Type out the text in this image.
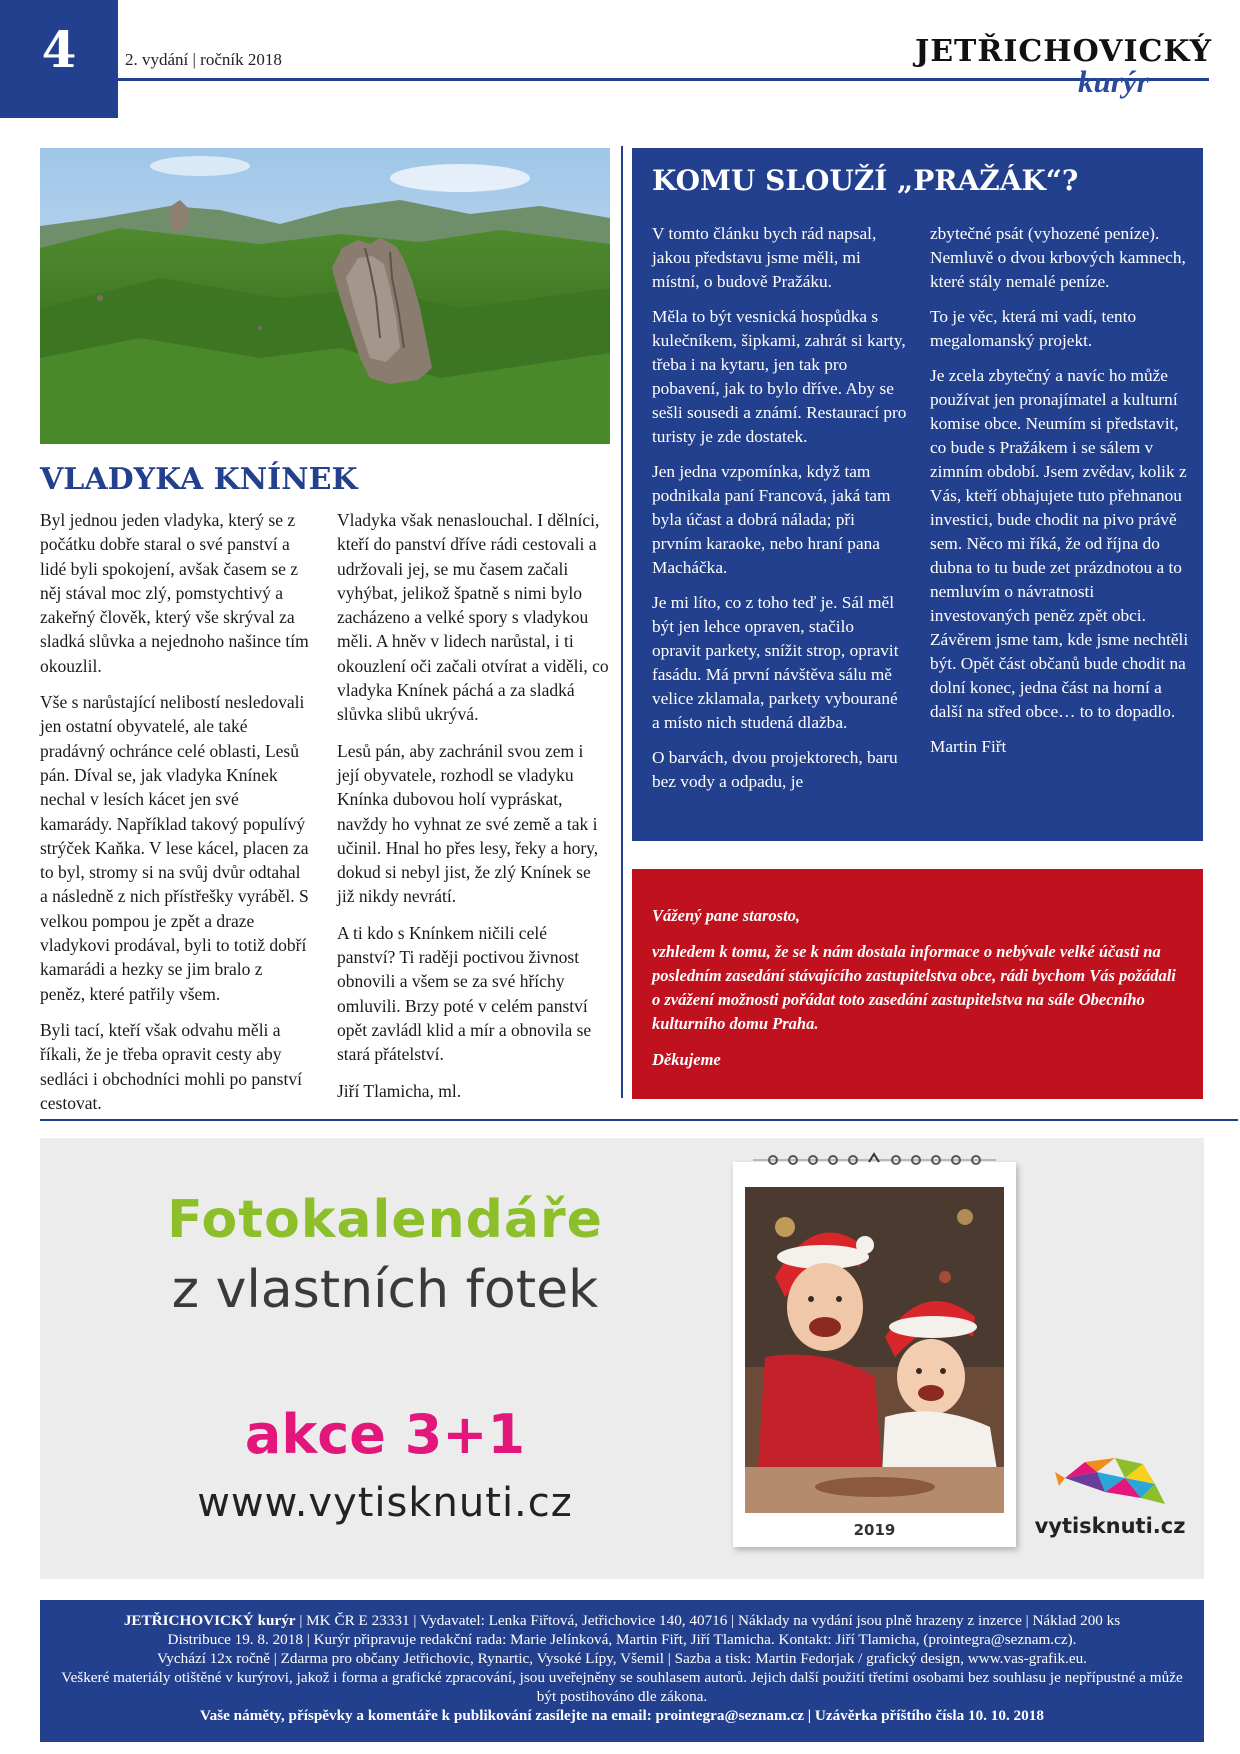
4	2. vydání | ročník 2018	JETŘICHOVICKÝ
kurýr
VLADYKA KNÍNEK

Byl jednou jeden vladyka, který se z počátku dobře staral o své panství a lidé byli spokojení, avšak časem se z něj stával moc zlý, pomstychtivý a zakeřný člověk, který vše skrýval za sladká slůvka a nejednoho našince tím okouzlil.

Vše s narůstající nelibostí nesledovali jen ostatní obyvatelé, ale také pradávný ochránce celé oblasti, Lesů pán. Díval se, jak vladyka Knínek nechal v lesích kácet jen své kamarády. Například takový populívý strýček Kaňka. V lese kácel, placen za to byl, stromy si na svůj dvůr odtahal a následně z nich přístřešky vyráběl. S velkou pompou je zpět a draze vladykovi prodával, byli to totiž dobří kamarádi a hezky se jim bralo z peněz, které patřily všem.

Byli tací, kteří však odvahu měli a říkali, že je třeba opravit cesty aby sedláci i obchodníci mohli po panství cestovat.

Vladyka však nenaslouchal. I dělníci, kteří do panství dříve rádi cestovali a udržovali jej, se mu časem začali vyhýbat, jelikož špatně s nimi bylo zacházeno a velké spory s vladykou měli. A hněv v lidech narůstal, i ti okouzlení oči začali otvírat a viděli, co vladyka Knínek páchá a za sladká slůvka slibů ukrývá.

Lesů pán, aby zachránil svou zem i její obyvatele, rozhodl se vladyku Knínka dubovou holí vypráskat, navždy ho vyhnat ze své země a tak i učinil. Hnal ho přes lesy, řeky a hory, dokud si nebyl jist, že zlý Knínek se již nikdy nevrátí.

A ti kdo s Knínkem ničili celé panství? Ti raději poctivou živnost obnovili a všem se za své hříchy omluvili. Brzy poté v celém panství opět zavládl klid a mír a obnovila se stará přátelství.

Jiří Tlamicha, ml.

KOMU SLOUŽÍ „PRAŽÁK“?

V tomto článku bych rád napsal, jakou představu jsme měli, mi místní, o budově Pražáku.

Měla to být vesnická hospůdka s kulečníkem, šipkami, zahrát si karty, třeba i na kytaru, jen tak pro pobavení, jak to bylo dříve. Aby se sešli sousedi a známí. Restaurací pro turisty je zde dostatek.

Jen jedna vzpomínka, když tam podnikala paní Francová, jaká tam byla účast a dobrá nálada; při prvním karaoke, nebo hraní pana Macháčka.

Je mi líto, co z toho teď je. Sál měl být jen lehce opraven, stačilo opravit parkety, snížit strop, opravit fasádu. Má první návštěva sálu mě velice zklamala, parkety vybourané a místo nich studená dlažba.

O barvách, dvou projektorech, baru bez vody a odpadu, je

zbytečné psát (vyhozené peníze). Nemluvě o dvou krbových kamnech, které stály nemalé peníze.

To je věc, která mi vadí, tento megalomanský projekt.

Je zcela zbytečný a navíc ho může používat jen pronajímatel a kulturní komise obce. Neumím si představit, co bude s Pražákem i se sálem v zimním období. Jsem zvědav, kolik z Vás, kteří obhajujete tuto přehnanou investici, bude chodit na pivo právě sem. Něco mi říká, že od října do dubna to tu bude zet prázdnotou a to nemluvím o návratnosti investovaných peněz zpět obci. Závěrem jsme tam, kde jsme nechtěli být. Opět část občanů bude chodit na dolní konec, jedna část na horní a další na střed obce… to to dopadlo.

Martin Fiřt

Vážený pane starosto,

vzhledem k tomu, že se k nám dostala informace o nebývale velké účasti na posledním zasedání stávajícího zastupitelstva obce, rádi bychom Vás požádali o zvážení možnosti pořádat toto zasedání zastupitelstva na sále Obecního kulturního domu Praha.

Děkujeme

Fotokalendáře
z vlastních fotek
akce 3+1
www.vytisknuti.cz
2019	vytisknuti.cz
JETŘICHOVICKÝ kurýr | MK ČR E 23331 | Vydavatel: Lenka Fiřtová, Jetřichovice 140, 40716 | Náklady na vydání jsou plně hrazeny z inzerce | Náklad 200 ks
Distribuce 19. 8. 2018 | Kurýr připravuje redakční rada: Marie Jelínková, Martin Fiřt, Jiří Tlamicha. Kontakt: Jiří Tlamicha, (prointegra@seznam.cz).
Vychází 12x ročně | Zdarma pro občany Jetřichovic, Rynartic, Vysoké Lípy, Všemil | Sazba a tisk: Martin Fedorjak / grafický design, www.vas-grafik.eu.
Veškeré materiály otištěné v kurýrovi, jakož i forma a grafické zpracování, jsou uveřejněny se souhlasem autorů. Jejich další použití třetími osobami bez souhlasu je nepřípustné a může být postihováno dle zákona.
Vaše náměty, příspěvky a komentáře k publikování zasílejte na email: prointegra@seznam.cz | Uzávěrka příštího čísla 10. 10. 2018
